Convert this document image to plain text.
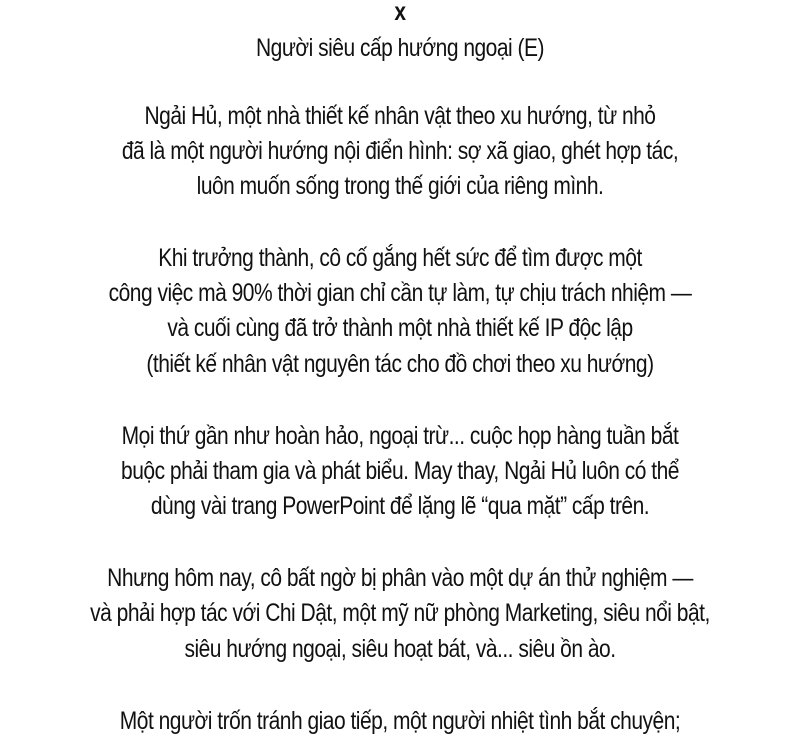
x
Người siêu cấp hướng ngoại (E)
Ngải Hủ, một nhà thiết kế nhân vật theo xu hướng, từ nhỏ
đã là một người hướng nội điển hình: sợ xã giao, ghét hợp tác,
luôn muốn sống trong thế giới của riêng mình.
Khi trưởng thành, cô cố gắng hết sức để tìm được một
công việc mà 90% thời gian chỉ cần tự làm, tự chịu trách nhiệm —
và cuối cùng đã trở thành một nhà thiết kế IP độc lập
(thiết kế nhân vật nguyên tác cho đồ chơi theo xu hướng)
Mọi thứ gần như hoàn hảo, ngoại trừ... cuộc họp hàng tuần bắt
buộc phải tham gia và phát biểu. May thay, Ngải Hủ luôn có thể
dùng vài trang PowerPoint để lặng lẽ “qua mặt” cấp trên.
Nhưng hôm nay, cô bất ngờ bị phân vào một dự án thử nghiệm —
và phải hợp tác với Chi Dật, một mỹ nữ phòng Marketing, siêu nổi bật,
siêu hướng ngoại, siêu hoạt bát, và... siêu ồn ào.
Một người trốn tránh giao tiếp, một người nhiệt tình bắt chuyện;
